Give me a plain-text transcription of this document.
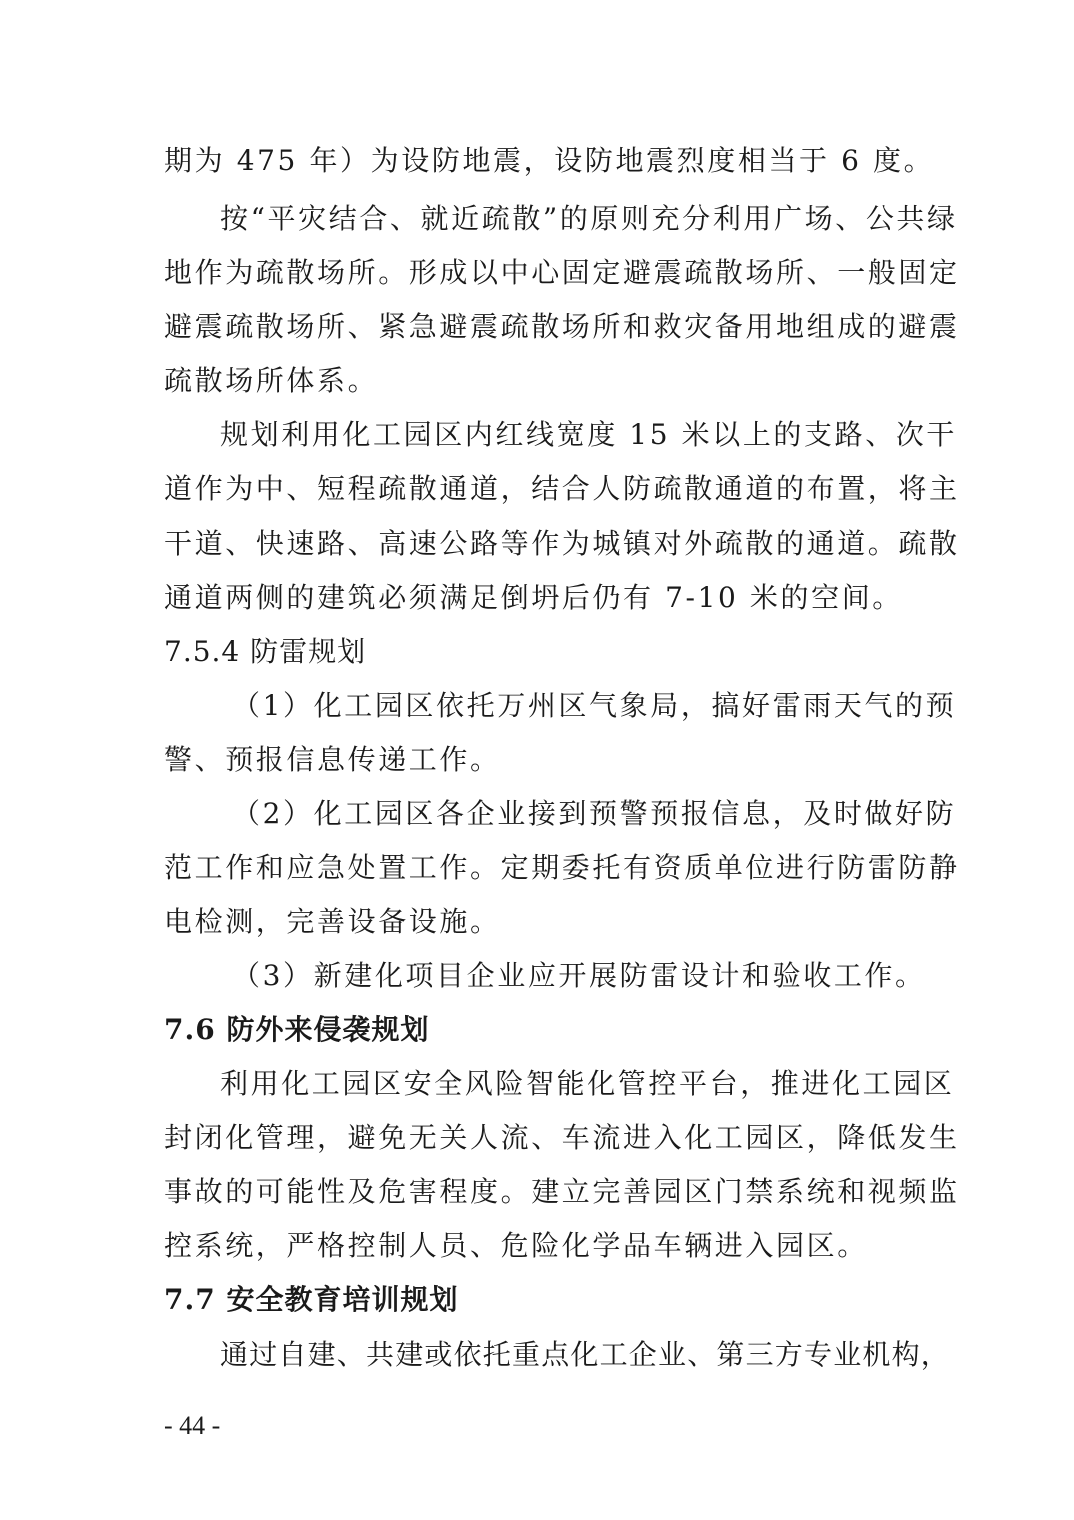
期为 475 年）为设防地震，设防地震烈度相当于 6 度。
按“平灾结合、就近疏散”的原则充分利用广场、公共绿
地作为疏散场所。形成以中心固定避震疏散场所、一般固定
避震疏散场所、紧急避震疏散场所和救灾备用地组成的避震
疏散场所体系。
规划利用化工园区内红线宽度 15 米以上的支路、次干
道作为中、短程疏散通道，结合人防疏散通道的布置，将主
干道、快速路、高速公路等作为城镇对外疏散的通道。疏散
通道两侧的建筑必须满足倒坍后仍有 7-10 米的空间。
7.5.4 防雷规划
（1）化工园区依托万州区气象局，搞好雷雨天气的预
警、预报信息传递工作。
（2）化工园区各企业接到预警预报信息，及时做好防
范工作和应急处置工作。定期委托有资质单位进行防雷防静
电检测，完善设备设施。
（3）新建化项目企业应开展防雷设计和验收工作。
7.6 防外来侵袭规划
利用化工园区安全风险智能化管控平台，推进化工园区
封闭化管理，避免无关人流、车流进入化工园区，降低发生
事故的可能性及危害程度。建立完善园区门禁系统和视频监
控系统，严格控制人员、危险化学品车辆进入园区。
7.7 安全教育培训规划
通过自建、共建或依托重点化工企业、第三方专业机构，
- 44 -
